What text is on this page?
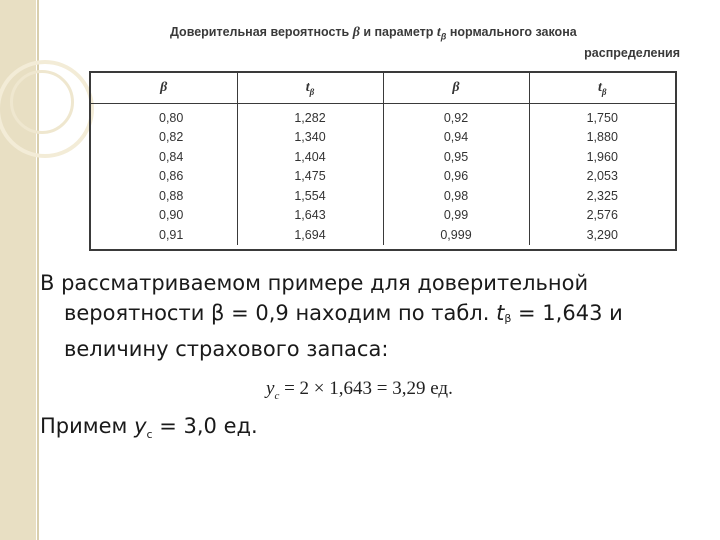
Доверительная вероятность β и параметр $t_\beta$ нормального закона
распределения
β	$t_\beta$	β	$t_\beta$

0,80	1,282	0,92	1,750
0,82	1,340	0,94	1,880
0,84	1,404	0,95	1,960
0,86	1,475	0,96	2,053
0,88	1,554	0,98	2,325
0,90	1,643	0,99	2,576
0,91	1,694	0,999	3,290

В рассматриваемом примере для доверительной вероятности β = 0,9 находим по табл. $t_\beta = 1,643$ и величину страхового запаса:

$y_c = 2 \times 1,643 = 3,29$ ед.
Примем $y_c = 3,0$ ед.
